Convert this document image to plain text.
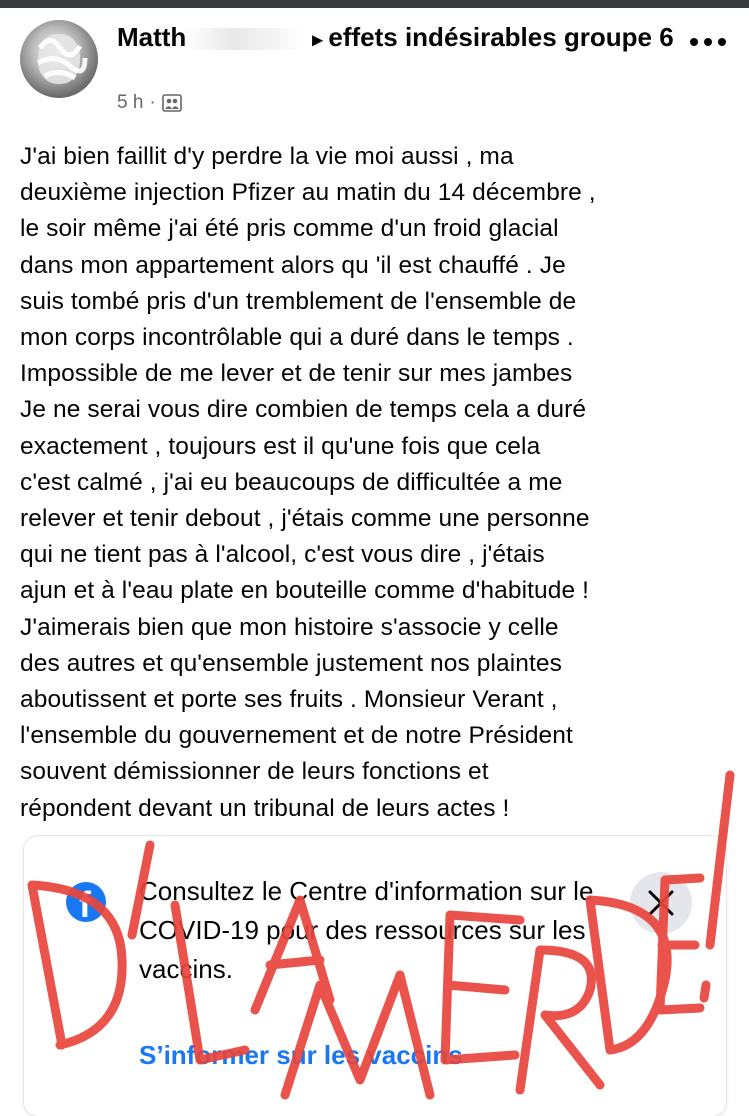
Matth	▸ effets indésirables groupe 6
5 h ·

J'ai bien faillit d'y perdre la vie moi aussi , ma
deuxième injection Pfizer au matin du 14 décembre ,
le soir même j'ai été pris comme d'un froid glacial
dans mon appartement alors qu 'il est chauffé . Je
suis tombé pris d'un tremblement de l'ensemble de
mon corps incontrôlable qui a duré dans le temps .
Impossible de me lever et de tenir sur mes jambes
Je ne serai vous dire combien de temps cela a duré
exactement , toujours est il qu'une fois que cela
c'est calmé , j'ai eu beaucoups de difficultée a me
relever et tenir debout , j'étais comme une personne
qui ne tient pas à l'alcool, c'est vous dire , j'étais
ajun et à l'eau plate en bouteille comme d'habitude !
J'aimerais bien que mon histoire s'associe y celle
des autres et qu'ensemble justement nos plaintes
aboutissent et porte ses fruits . Monsieur Verant ,
l'ensemble du gouvernement et de notre Président
souvent démissionner de leurs fonctions et
répondent devant un tribunal de leurs actes !

f Consultez le Centre d'information sur le COVID-19 pour des ressources sur les vaccins.

S’informer sur les vaccins
